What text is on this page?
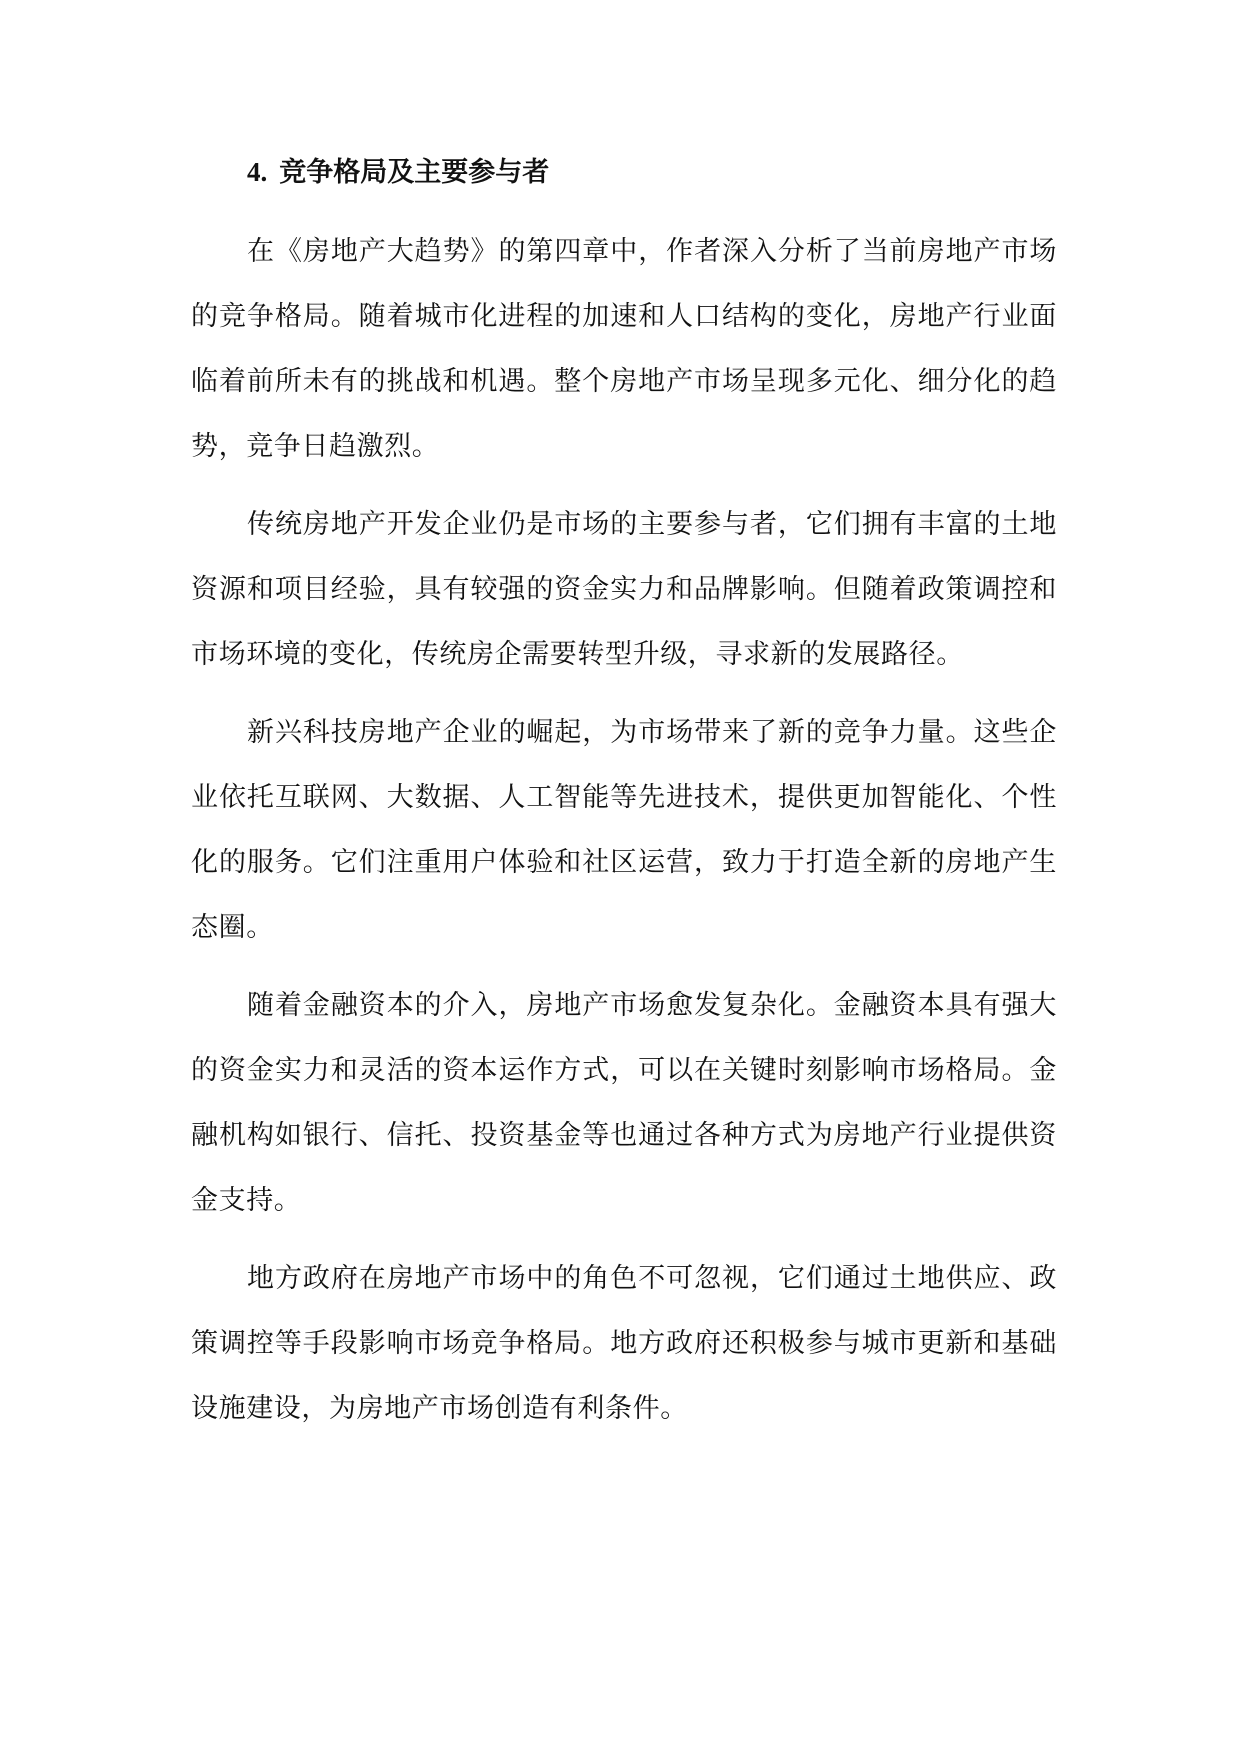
4. 竞争格局及主要参与者

在《房地产大趋势》的第四章中，作者深入分析了当前房地产市场的竞争格局。随着城市化进程的加速和人口结构的变化，房地产行业面临着前所未有的挑战和机遇。整个房地产市场呈现多元化、细分化的趋势，竞争日趋激烈。

传统房地产开发企业仍是市场的主要参与者，它们拥有丰富的土地资源和项目经验，具有较强的资金实力和品牌影响。但随着政策调控和市场环境的变化，传统房企需要转型升级，寻求新的发展路径。

新兴科技房地产企业的崛起，为市场带来了新的竞争力量。这些企业依托互联网、大数据、人工智能等先进技术，提供更加智能化、个性化的服务。它们注重用户体验和社区运营，致力于打造全新的房地产生态圈。

随着金融资本的介入，房地产市场愈发复杂化。金融资本具有强大的资金实力和灵活的资本运作方式，可以在关键时刻影响市场格局。金融机构如银行、信托、投资基金等也通过各种方式为房地产行业提供资金支持。

地方政府在房地产市场中的角色不可忽视，它们通过土地供应、政策调控等手段影响市场竞争格局。地方政府还积极参与城市更新和基础设施建设，为房地产市场创造有利条件。
